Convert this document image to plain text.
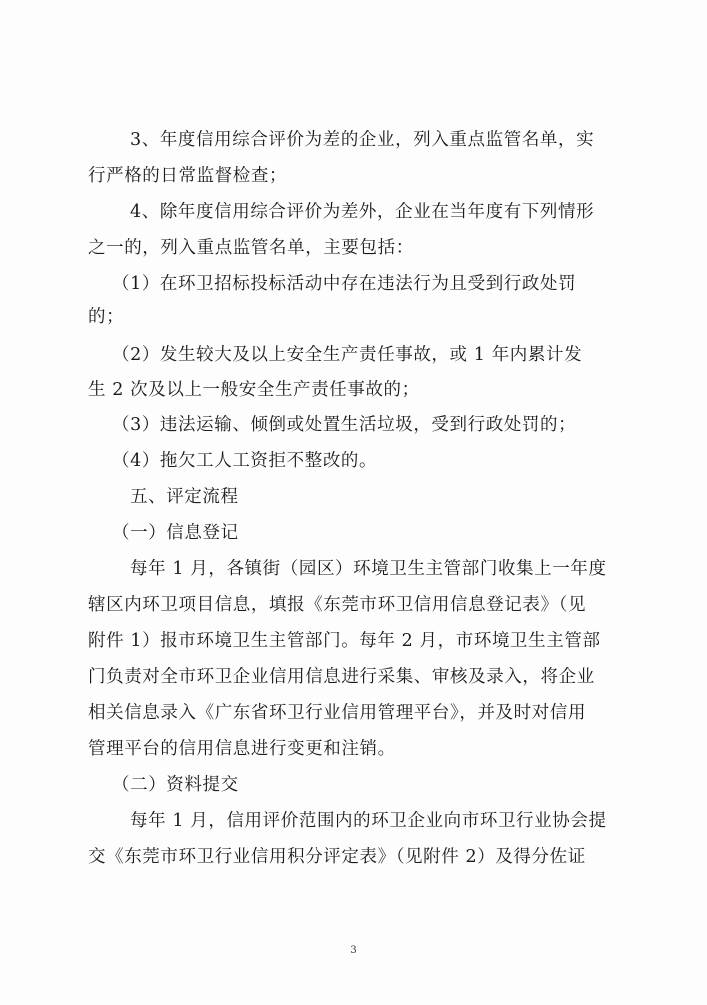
3、年度信用综合评价为差的企业，列入重点监管名单，实
行严格的日常监督检查；
4、除年度信用综合评价为差外，企业在当年度有下列情形
之一的，列入重点监管名单，主要包括：
（1）在环卫招标投标活动中存在违法行为且受到行政处罚
的；
（2）发生较大及以上安全生产责任事故，或 1 年内累计发
生 2 次及以上一般安全生产责任事故的；
（3）违法运输、倾倒或处置生活垃圾，受到行政处罚的；
（4）拖欠工人工资拒不整改的。
五、评定流程
（一）信息登记
每年 1 月，各镇街（园区）环境卫生主管部门收集上一年度
辖区内环卫项目信息，填报《东莞市环卫信用信息登记表》（见
附件 1）报市环境卫生主管部门。每年 2 月，市环境卫生主管部
门负责对全市环卫企业信用信息进行采集、审核及录入，将企业
相关信息录入《广东省环卫行业信用管理平台》，并及时对信用
管理平台的信用信息进行变更和注销。
（二）资料提交
每年 1 月，信用评价范围内的环卫企业向市环卫行业协会提
交《东莞市环卫行业信用积分评定表》（见附件 2）及得分佐证
3
